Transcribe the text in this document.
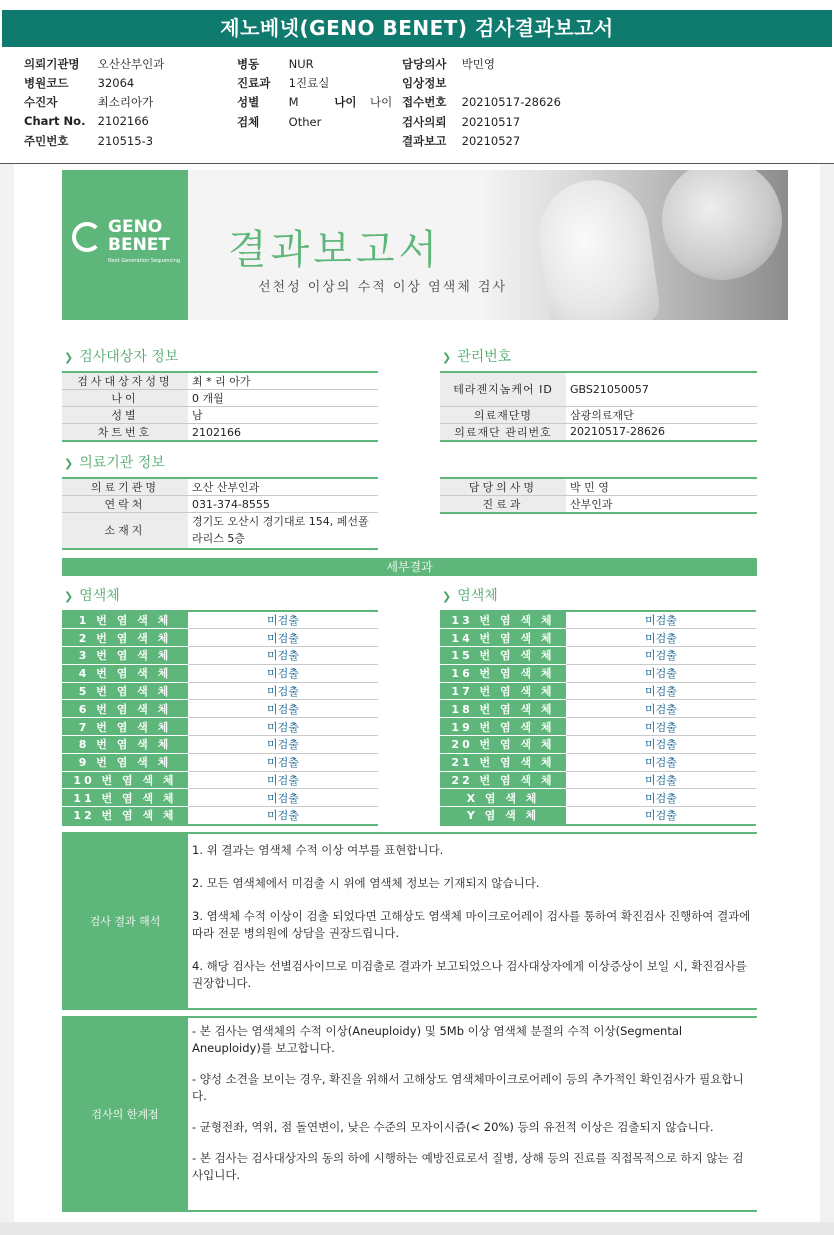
제노베넷(GENO BENET) 검사결과보고서
의뢰기관명 오산산부인과
병원코드	32064
수진자	최소리아가
Chart No. 2102166
주민번호	210515-3
병동	NUR
진료과 1진료실
성별	M	나이 나이
검체	Other
담당의사 박민영
임상정보
접수번호 20210517-28626
검사의뢰 20210517
결과보고 20210527
GENO
BENET
Next Generation Sequencing 결과보고서
선천성 이상의 수적 이상 염색체 검사
❯ 검사대상자 정보
검사대상자성명	최 * 리 아가
나이	0 개월
성별	남
차트번호	2102166
❯ 관리번호
테라젠지놈케어 ID	GBS21050057
의료재단명	삼광의료재단
의료재단 관리번호	20210517-28626
❯ 의료기관 정보
의료기관명	오산 산부인과
연락처	031-374-8555
소재지	경기도 오산시 경기대로 154, 페선폴라리스 5층
담당의사명	박 민 영
진료과	산부인과
세부결과
❯ 염색체	❯ 염색체
1 번 염 색 체	미검출
2 번 염 색 체	미검출
3 번 염 색 체	미검출
4 번 염 색 체	미검출
5 번 염 색 체	미검출
6 번 염 색 체	미검출
7 번 염 색 체	미검출
8 번 염 색 체	미검출
9 번 염 색 체	미검출
10 번 염 색 체	미검출
11 번 염 색 체	미검출
12 번 염 색 체	미검출
13 번 염 색 체	미검출
14 번 염 색 체	미검출
15 번 염 색 체	미검출
16 번 염 색 체	미검출
17 번 염 색 체	미검출
18 번 염 색 체	미검출
19 번 염 색 체	미검출
20 번 염 색 체	미검출
21 번 염 색 체	미검출
22 번 염 색 체	미검출
X 염 색 체	미검출
Y 염 색 체	미검출
검사 결과 해석

1. 위 결과는 염색체 수적 이상 여부를 표현합니다.

2. 모든 염색체에서 미검출 시 위에 염색체 정보는 기재되지 않습니다.

3. 염색체 수적 이상이 검출 되었다면 고해상도 염색체 마이크로어레이 검사를 통하여 확진검사 진행하여 결과에 따라 전문 병의원에 상담을 권장드립니다.

4. 해당 검사는 선별검사이므로 미검출로 결과가 보고되었으나 검사대상자에게 이상증상이 보일 시, 확진검사를 권장합니다.

검사의 한계점

- 본 검사는 염색체의 수적 이상(Aneuploidy) 및 5Mb 이상 염색체 분절의 수적 이상(Segmental Aneuploidy)를 보고합니다.

- 양성 소견을 보이는 경우, 확진을 위해서 고해상도 염색체마이크로어레이 등의 추가적인 확인검사가 필요합니다.

- 균형전좌, 역위, 점 돌연변이, 낮은 수준의 모자이시즘(< 20%) 등의 유전적 이상은 검출되지 않습니다.

- 본 검사는 검사대상자의 동의 하에 시행하는 예방진료로서 질병, 상해 등의 진료를 직접목적으로 하지 않는 검사입니다.
